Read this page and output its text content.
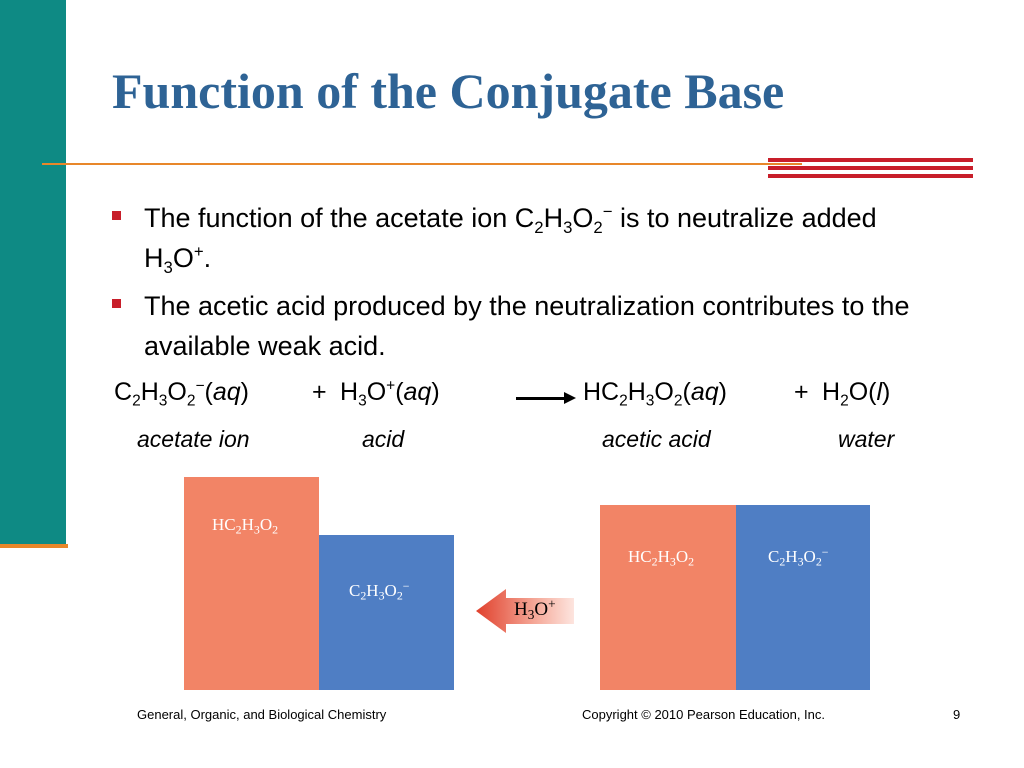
Function of the Conjugate Base
The function of the acetate ion $C_2H_3O_2^-$ is to neutralize added $H_3O^+$.
The acetic acid produced by the neutralization contributes to the available weak acid.
$C_2H_3O_2^-(aq)$	+ $H_3O^+(aq)$	→ $HC_2H_3O_2(aq)$	+ $H_2O(l)$
acetate ion	acid	acetic acid	water
$HC_2H_3O_2$
$C_2H_3O_2^-$
$H_3O^+$
$HC_2H_3O_2$	$C_2H_3O_2^-$
General, Organic, and Biological Chemistry	Copyright © 2010 Pearson Education, Inc.	9
